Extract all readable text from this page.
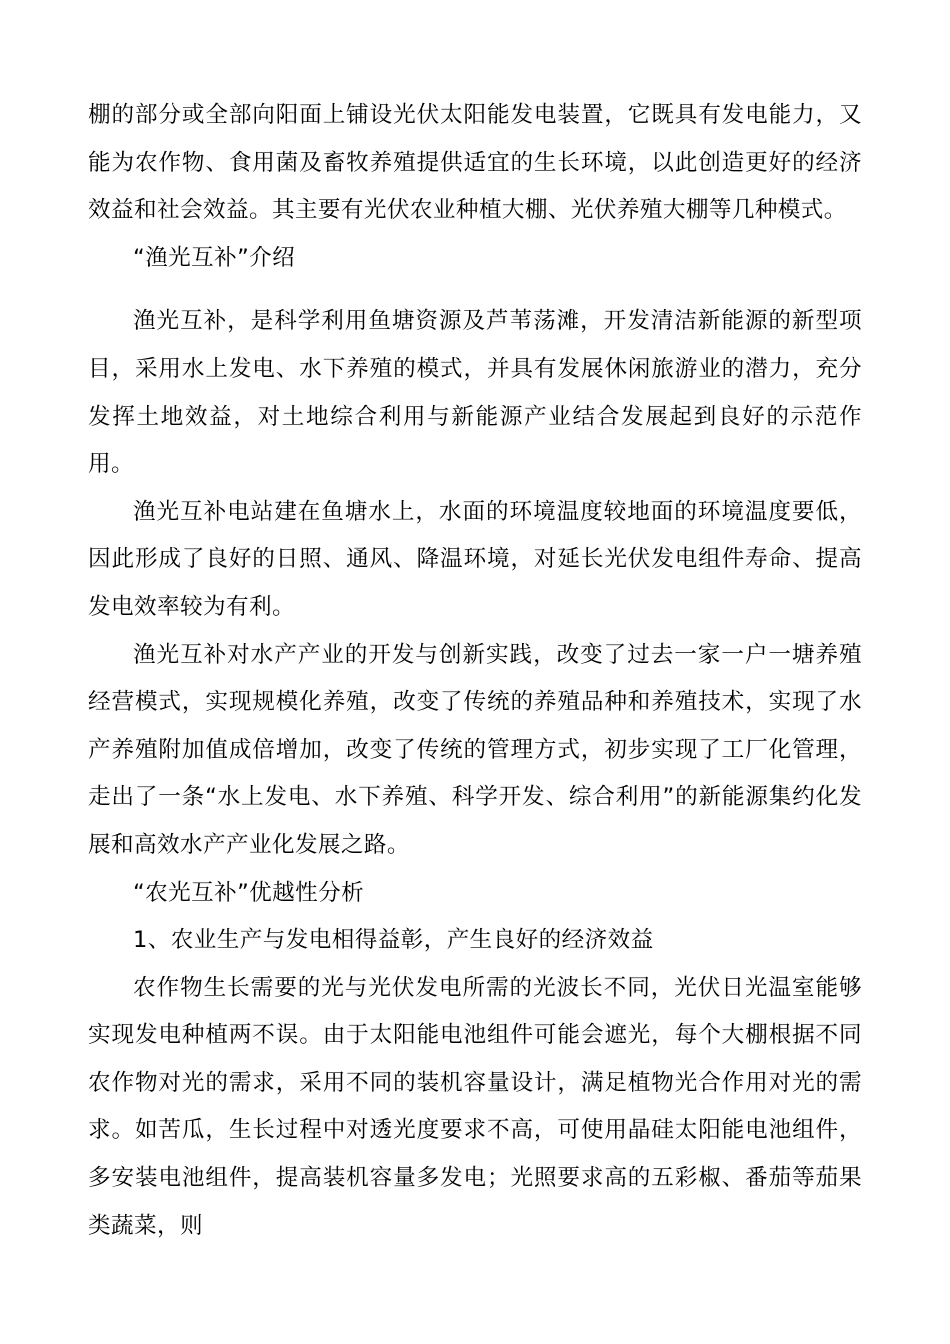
棚的部分或全部向阳面上铺设光伏太阳能发电装置，它既具有发电能力，又能为农作物、食用菌及畜牧养殖提供适宜的生长环境，以此创造更好的经济效益和社会效益。其主要有光伏农业种植大棚、光伏养殖大棚等几种模式。

“渔光互补”介绍

渔光互补，是科学利用鱼塘资源及芦苇荡滩，开发清洁新能源的新型项目，采用水上发电、水下养殖的模式，并具有发展休闲旅游业的潜力，充分发挥土地效益，对土地综合利用与新能源产业结合发展起到良好的示范作用。

渔光互补电站建在鱼塘水上，水面的环境温度较地面的环境温度要低，因此形成了良好的日照、通风、降温环境，对延长光伏发电组件寿命、提高发电效率较为有利。

渔光互补对水产产业的开发与创新实践，改变了过去一家一户一塘养殖经营模式，实现规模化养殖，改变了传统的养殖品种和养殖技术，实现了水产养殖附加值成倍增加，改变了传统的管理方式，初步实现了工厂化管理，走出了一条“水上发电、水下养殖、科学开发、综合利用”的新能源集约化发展和高效水产产业化发展之路。

“农光互补”优越性分析

1、农业生产与发电相得益彰，产生良好的经济效益

农作物生长需要的光与光伏发电所需的光波长不同，光伏日光温室能够实现发电种植两不误。由于太阳能电池组件可能会遮光，每个大棚根据不同农作物对光的需求，采用不同的装机容量设计，满足植物光合作用对光的需求。如苦瓜，生长过程中对透光度要求不高，可使用晶硅太阳能电池组件，多安装电池组件，提高装机容量多发电；光照要求高的五彩椒、番茄等茄果类蔬菜，则
